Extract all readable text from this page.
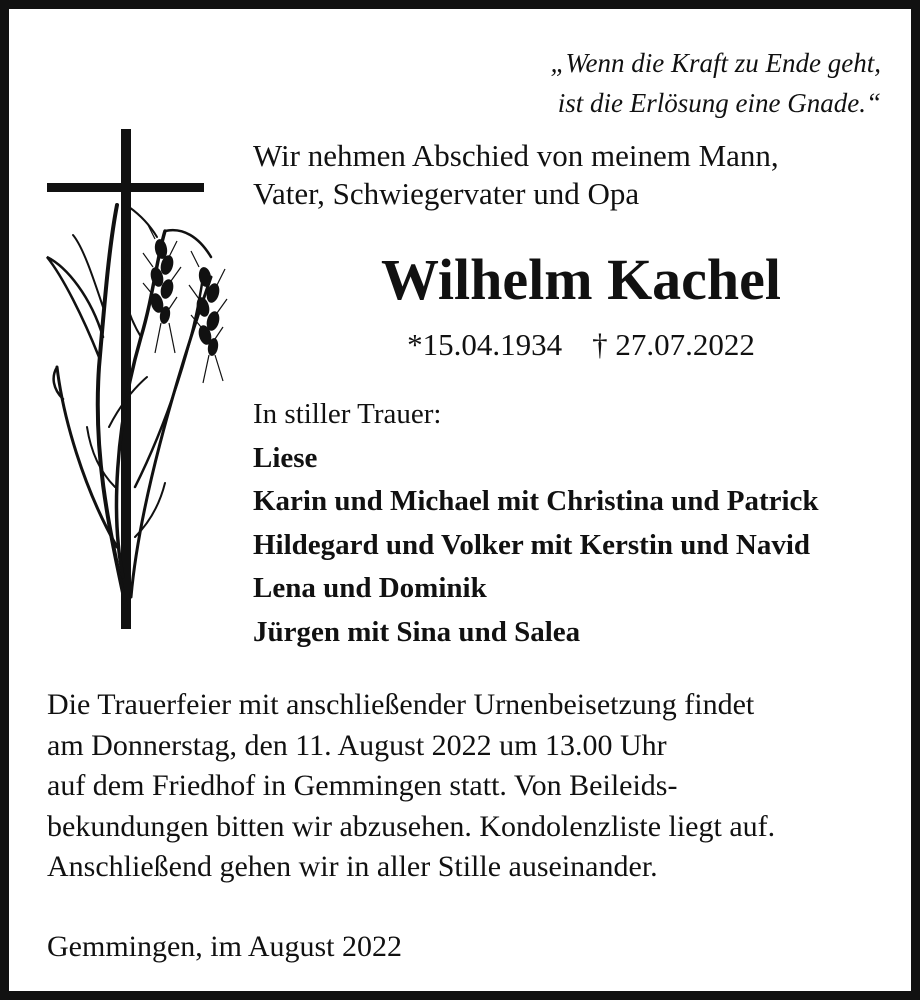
„Wenn die Kraft zu Ende geht,
ist die Erlösung eine Gnade.“
Wir nehmen Abschied von meinem Mann,
Vater, Schwiegervater und Opa
Wilhelm Kachel
*15.04.1934 † 27.07.2022
In stiller Trauer:
Liese
Karin und Michael mit Christina und Patrick
Hildegard und Volker mit Kerstin und Navid
Lena und Dominik
Jürgen mit Sina und Salea
Die Trauerfeier mit anschließender Urnenbeisetzung findet
am Donnerstag, den 11. August 2022 um 13.00 Uhr
auf dem Friedhof in Gemmingen statt. Von Beileids-
bekundungen bitten wir abzusehen. Kondolenzliste liegt auf.
Anschließend gehen wir in aller Stille auseinander.
Gemmingen, im August 2022
